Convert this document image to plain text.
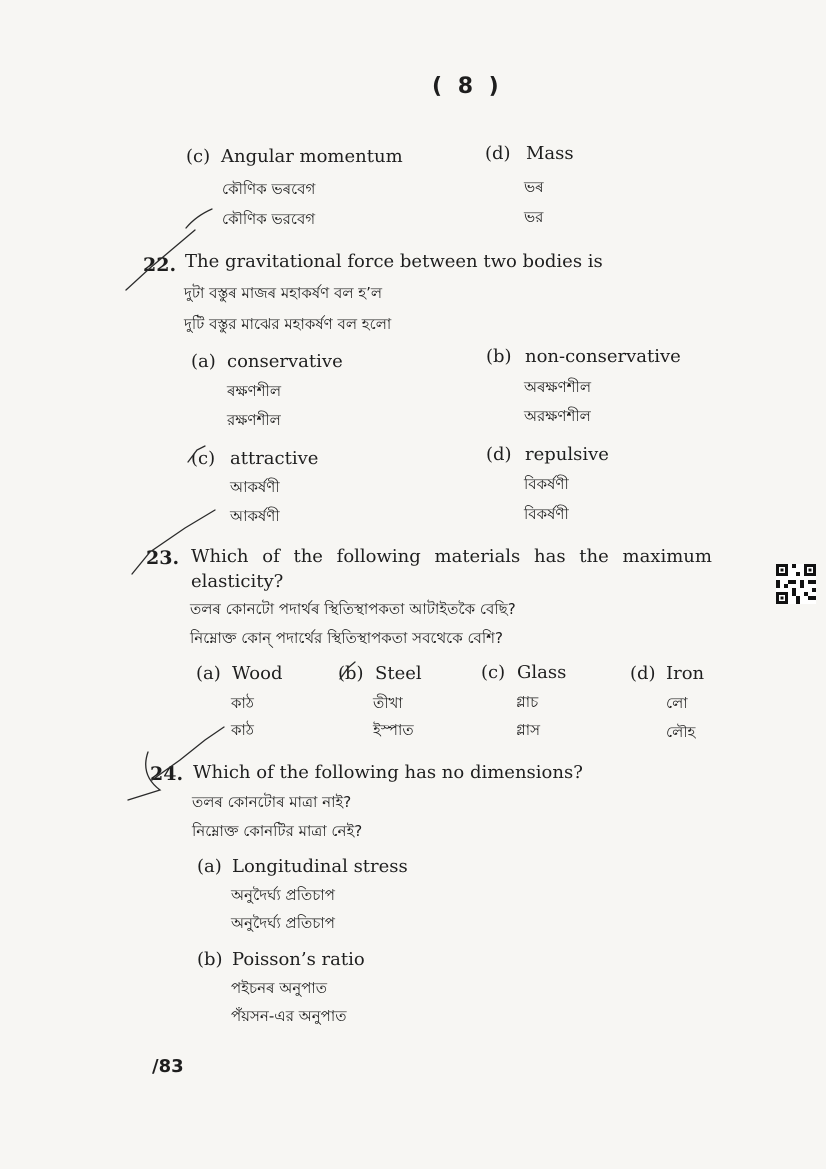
( 8 )
(c) Angular momentum
কৌণিক ভৰবেগ
কৌণিক ভরবেগ
(d) Mass
ভৰ
ভর
22. The gravitational force between two bodies is
দুটা বস্তুৰ মাজৰ মহাকৰ্ষণ বল হ’ল
দুটি বস্তুর মাঝের মহাকর্ষণ বল হলো
(a) conservative
ৰক্ষণশীল
রক্ষণশীল
(b) non-conservative
অৰক্ষণশীল
অরক্ষণশীল
(c) attractive
আকৰ্ষণী
আকর্ষণী
(d) repulsive
বিকৰ্ষণী
বিকর্ষণী
23. Which of the following materials has the maximum
elasticity?
তলৰ কোনটো পদাৰ্থৰ স্থিতিস্থাপকতা আটাইতকৈ বেছি?
নিম্নোক্ত কোন্ পদার্থের স্থিতিস্থাপকতা সবথেকে বেশি?
(a) Wood
কাঠ
কাঠ
(b) Steel
তীখা
ইস্পাত
(c) Glass
গ্লাচ
গ্লাস
(d) Iron
লো
লৌহ
24. Which of the following has no dimensions?
তলৰ কোনটোৰ মাত্ৰা নাই?
নিম্নোক্ত কোনটির মাত্রা নেই?
(a) Longitudinal stress
অনুদৈৰ্ঘ্য প্ৰতিচাপ
অনুদৈর্ঘ্য প্রতিচাপ
(b) Poisson’s ratio
পইচনৰ অনুপাত
পঁয়সন-এর অনুপাত
/83
